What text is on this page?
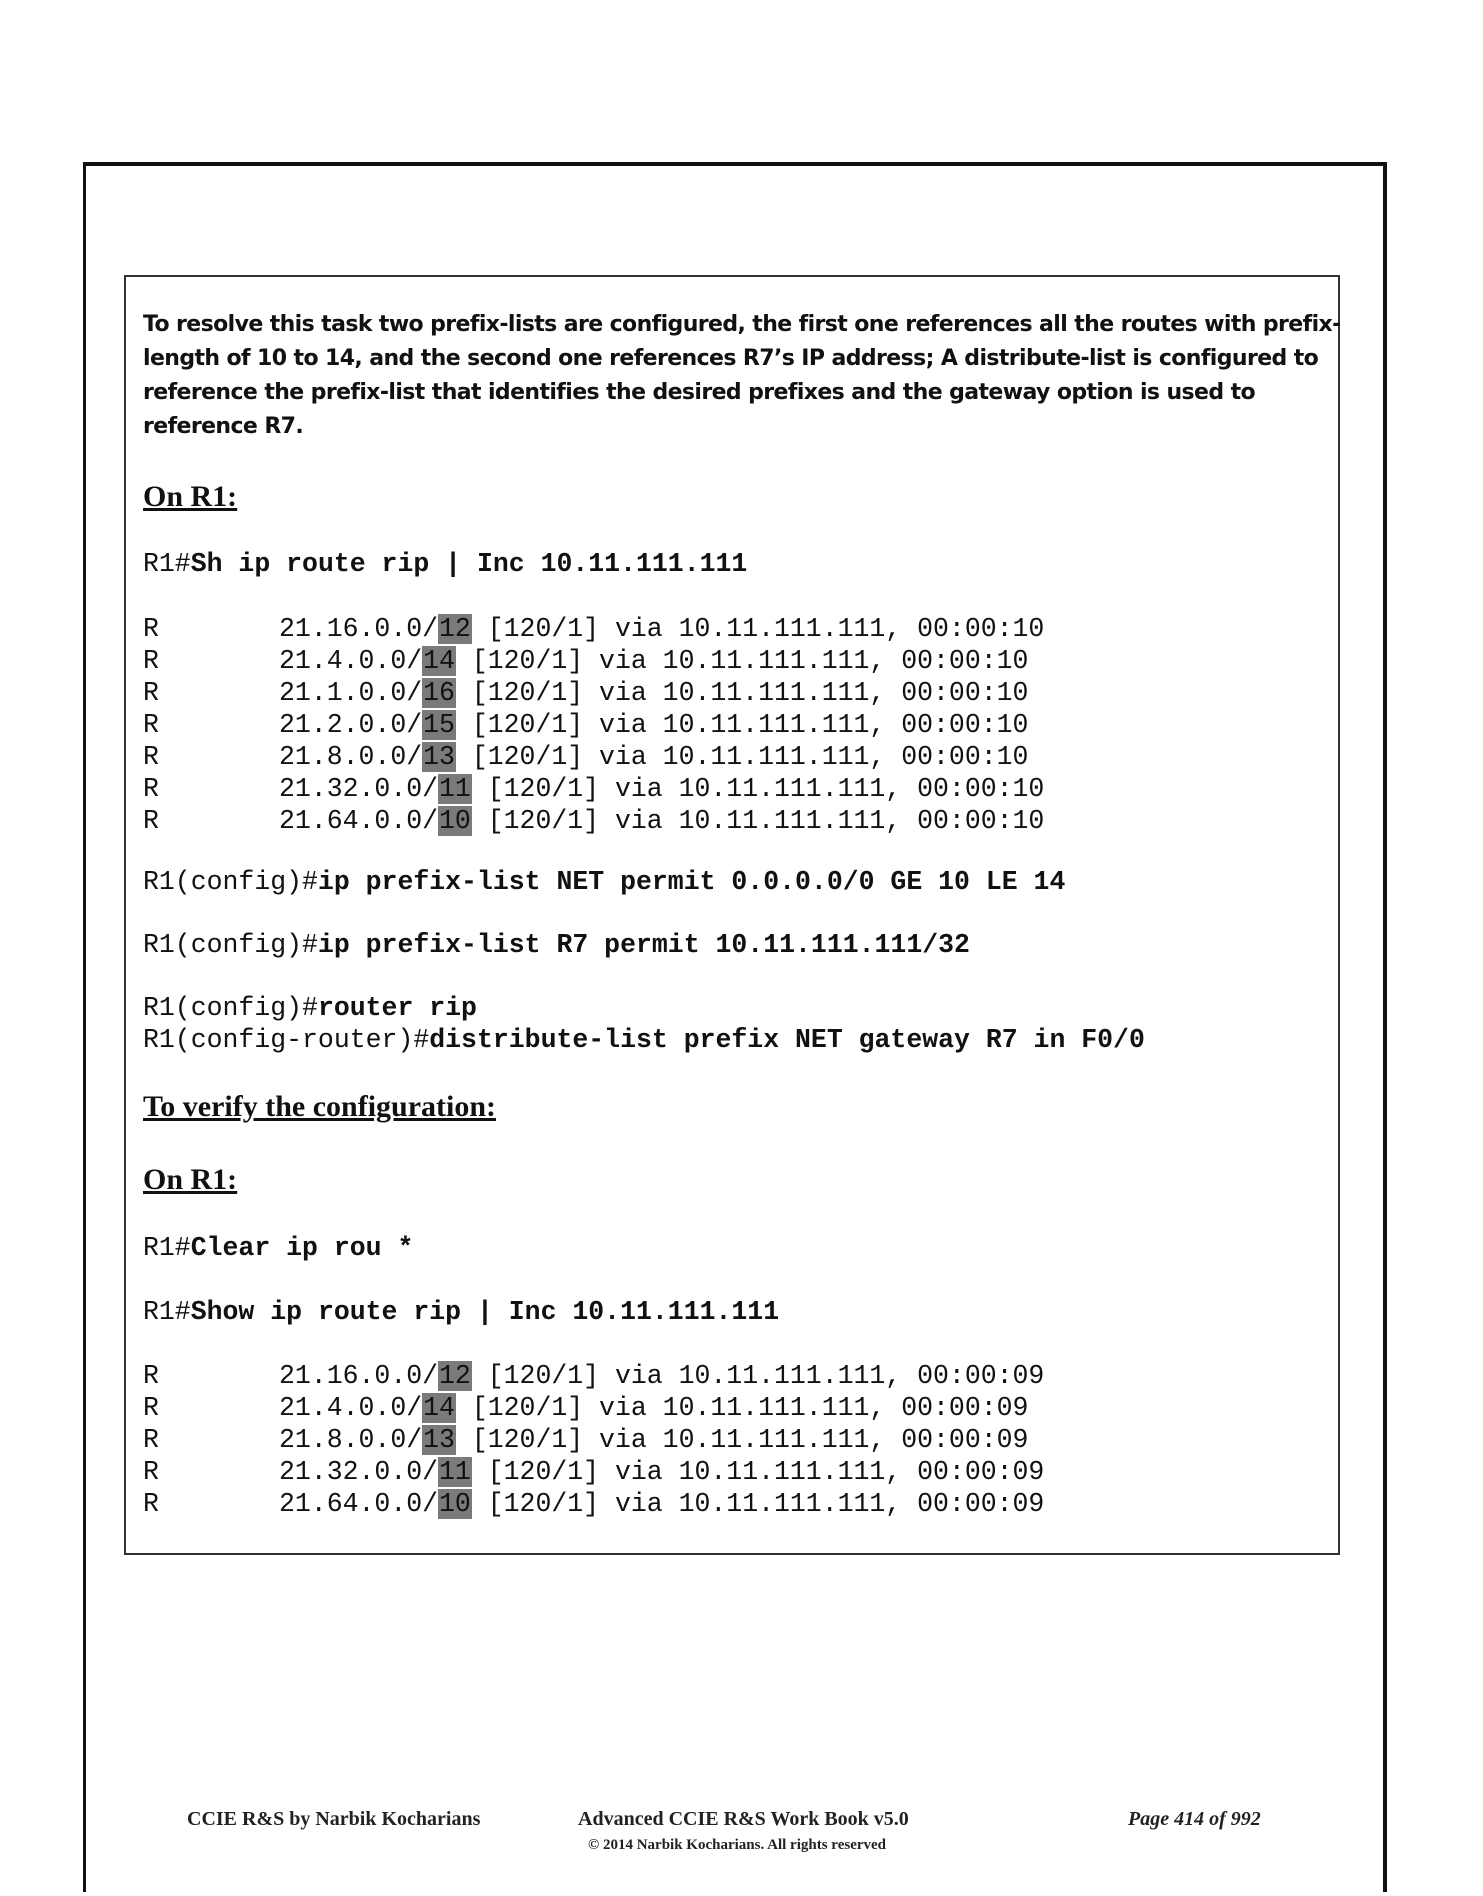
To resolve this task two prefix-lists are configured, the first one references all the routes with prefix-
length of 10 to 14, and the second one references R7’s IP address; A distribute-list is configured to
reference the prefix-list that identifies the desired prefixes and the gateway option is used to
reference R7.
On R1:
R1#Sh ip route rip | Inc 10.11.111.111
R	21.16.0.0/12 [120/1] via 10.11.111.111, 00:00:10
R	21.4.0.0/14 [120/1] via 10.11.111.111, 00:00:10
R	21.1.0.0/16 [120/1] via 10.11.111.111, 00:00:10
R	21.2.0.0/15 [120/1] via 10.11.111.111, 00:00:10
R	21.8.0.0/13 [120/1] via 10.11.111.111, 00:00:10
R	21.32.0.0/11 [120/1] via 10.11.111.111, 00:00:10
R	21.64.0.0/10 [120/1] via 10.11.111.111, 00:00:10
R1(config)#ip prefix-list NET permit 0.0.0.0/0 GE 10 LE 14
R1(config)#ip prefix-list R7 permit 10.11.111.111/32
R1(config)#router rip
R1(config-router)#distribute-list prefix NET gateway R7 in F0/0
To verify the configuration:
On R1:
R1#Clear ip rou *
R1#Show ip route rip | Inc 10.11.111.111
R	21.16.0.0/12 [120/1] via 10.11.111.111, 00:00:09
R	21.4.0.0/14 [120/1] via 10.11.111.111, 00:00:09
R	21.8.0.0/13 [120/1] via 10.11.111.111, 00:00:09
R	21.32.0.0/11 [120/1] via 10.11.111.111, 00:00:09
R	21.64.0.0/10 [120/1] via 10.11.111.111, 00:00:09
CCIE R&S by Narbik Kocharians	Advanced CCIE R&S Work Book v5.0	Page 414 of 992
© 2014 Narbik Kocharians. All rights reserved
